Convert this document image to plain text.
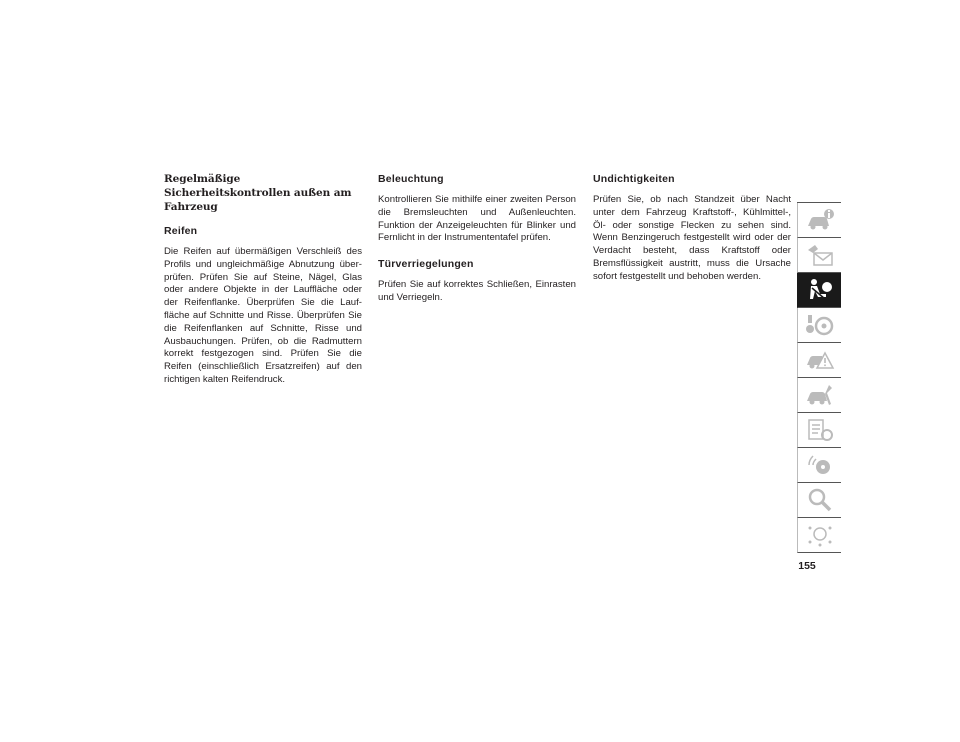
Regelmäßige Sicherheitskontrollen außen am Fahrzeug
Reifen
Die Reifen auf übermäßigen Verschleiß des Profils und ungleichmäßige Abnutzung überprüfen. Prüfen Sie auf Steine, Nägel, Glas oder andere Objekte in der Lauffläche oder der Reifenflanke. Überprüfen Sie die Lauffläche auf Schnitte und Risse. Überprüfen Sie die Reifenflanken auf Schnitte, Risse und Ausbauchungen. Prüfen, ob die Radmuttern korrekt festgezogen sind. Prüfen Sie die Reifen (einschließlich Ersatzreifen) auf den richtigen kalten Reifendruck.
Beleuchtung
Kontrollieren Sie mithilfe einer zweiten Person die Bremsleuchten und Außenleuchten. Funktion der Anzeigeleuchten für Blinker und Fernlicht in der Instrumententafel prüfen.
Türverriegelungen
Prüfen Sie auf korrektes Schließen, Einrasten und Verriegeln.
Undichtigkeiten
Prüfen Sie, ob nach Standzeit über Nacht unter dem Fahrzeug Kraftstoff-, Kühlmittel-, Öl- oder sonstige Flecken zu sehen sind. Wenn Benzingeruch festgestellt wird oder der Verdacht besteht, dass Kraftstoff oder Bremsflüssigkeit austritt, muss die Ursache sofort festgestellt und behoben werden.
155
